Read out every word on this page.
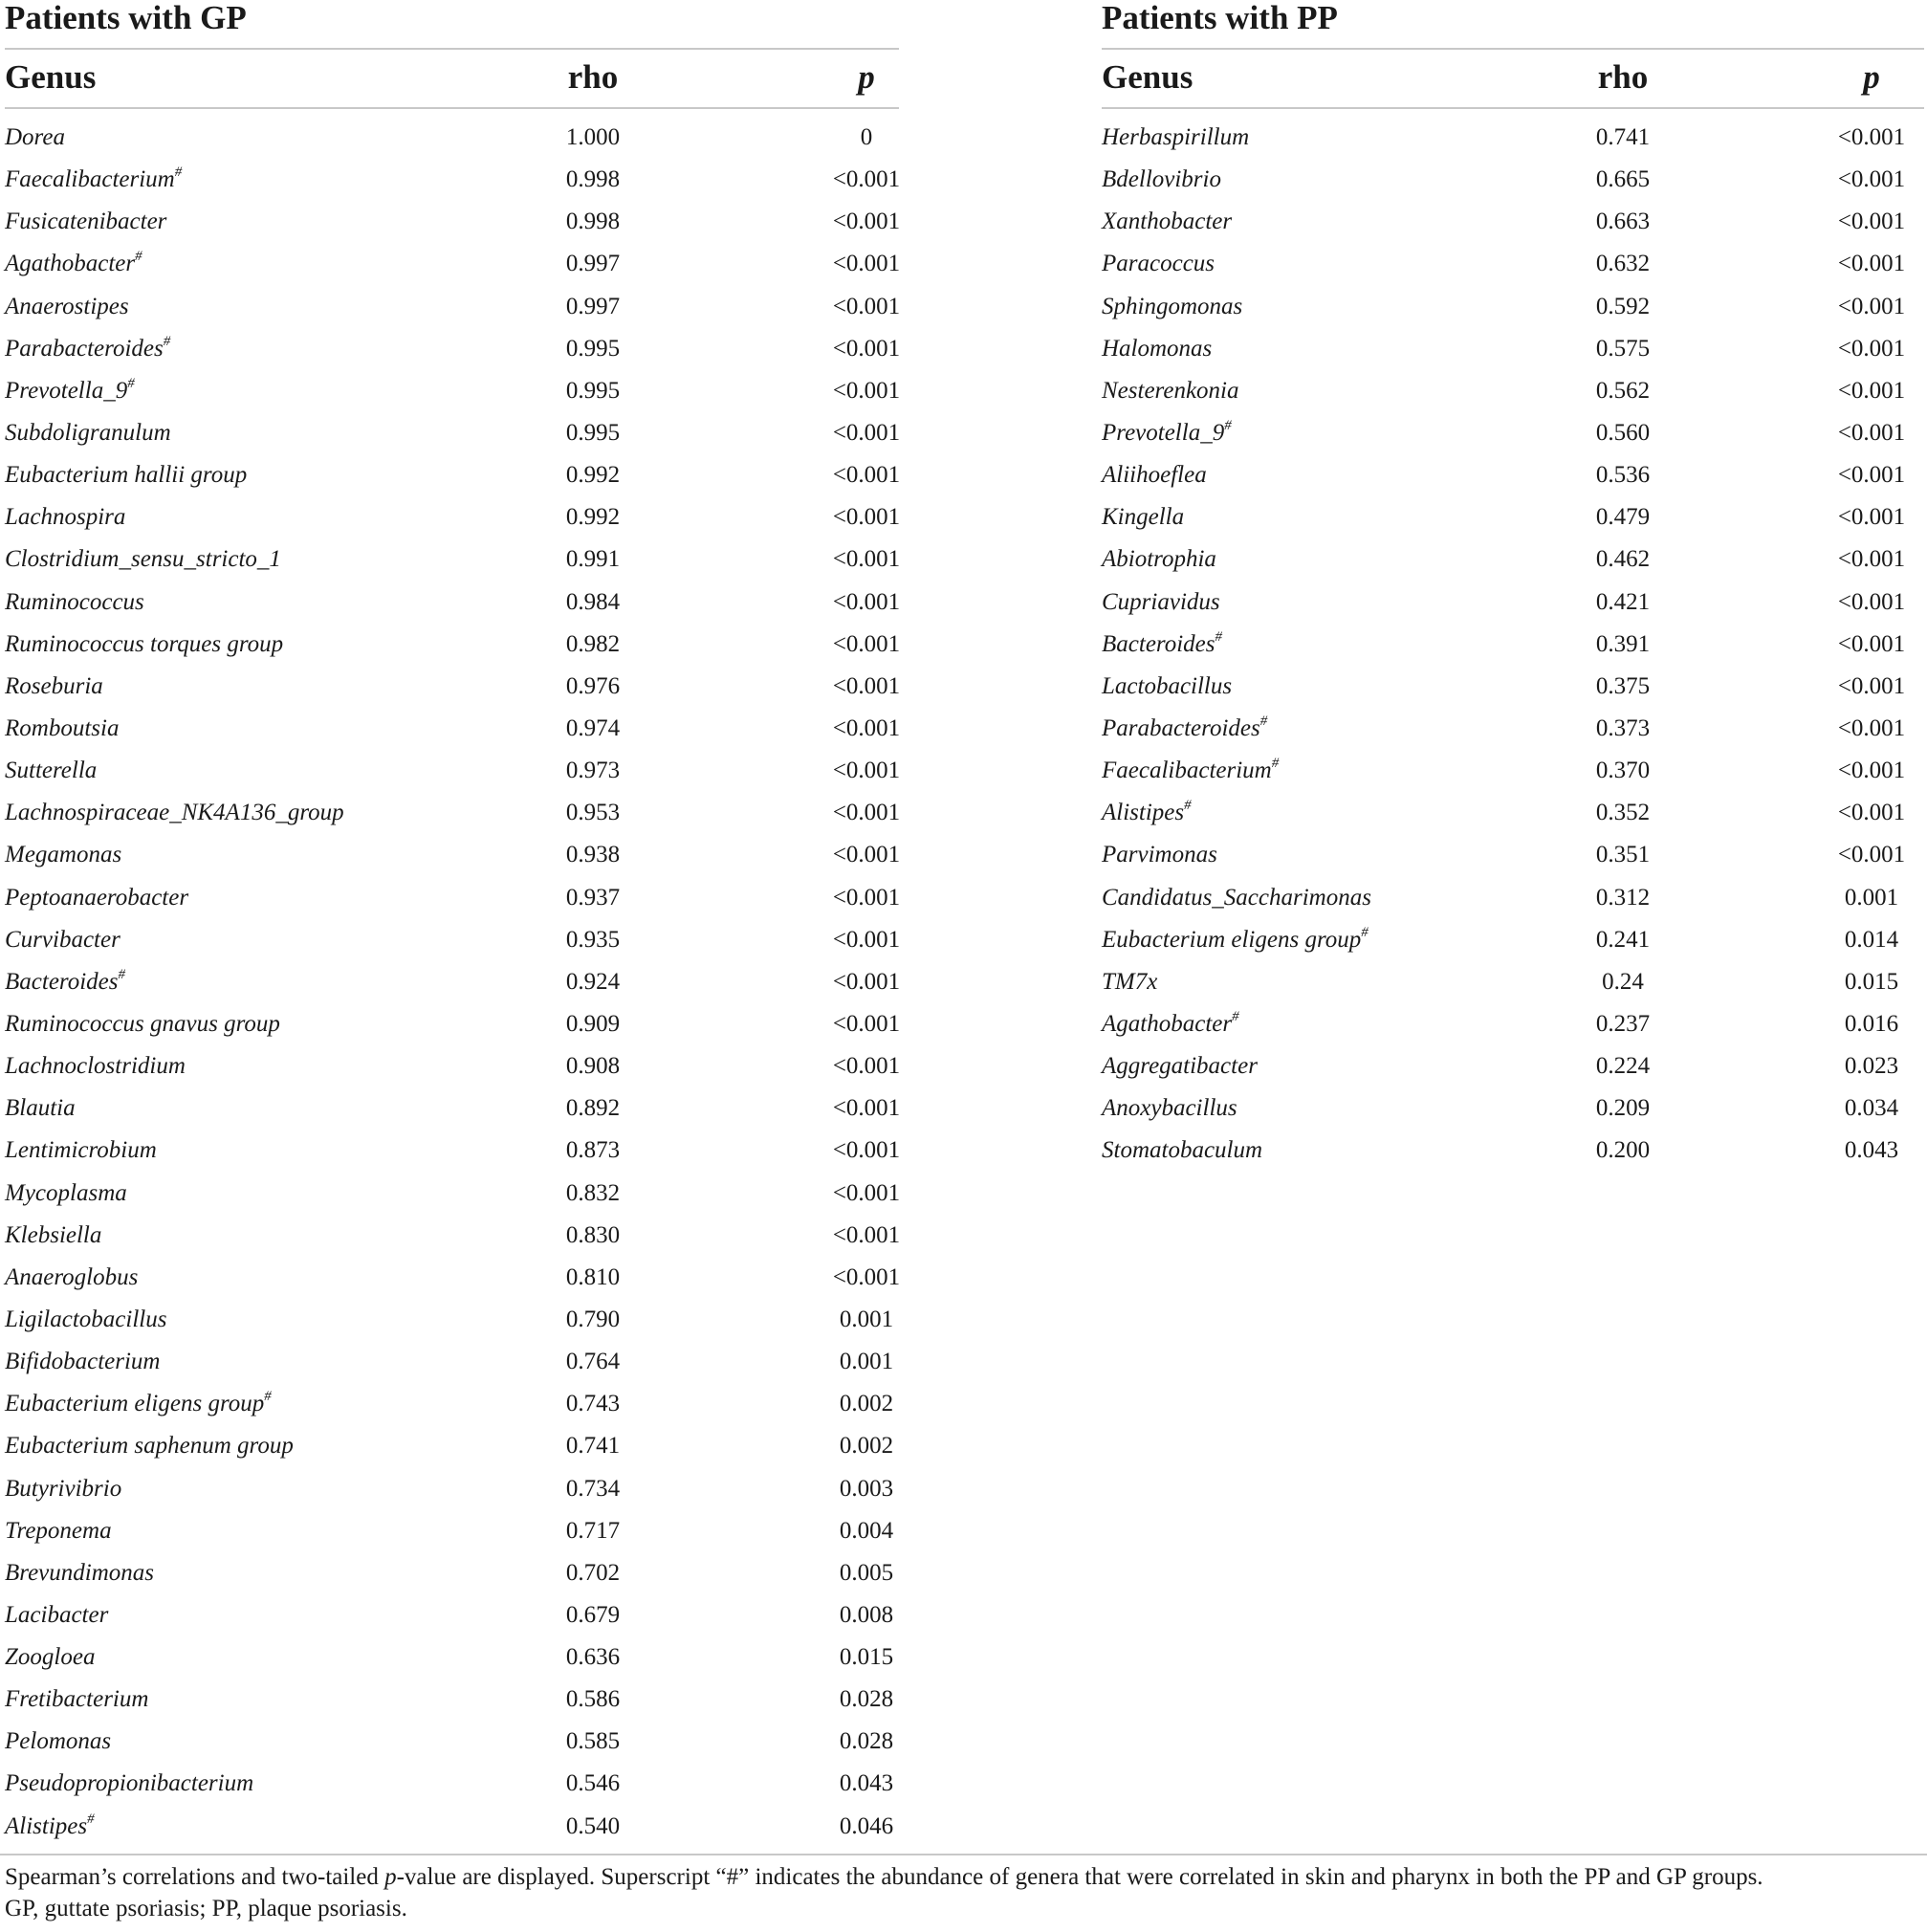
Patients with GP
Genus	rho	p
Dorea	1.000	0
Faecalibacterium#	0.998	<0.001
Fusicatenibacter	0.998	<0.001
Agathobacter#	0.997	<0.001
Anaerostipes	0.997	<0.001
Parabacteroides#	0.995	<0.001
Prevotella_9#	0.995	<0.001
Subdoligranulum	0.995	<0.001
Eubacterium hallii group	0.992	<0.001
Lachnospira	0.992	<0.001
Clostridium_sensu_stricto_1	0.991	<0.001
Ruminococcus	0.984	<0.001
Ruminococcus torques group	0.982	<0.001
Roseburia	0.976	<0.001
Romboutsia	0.974	<0.001
Sutterella	0.973	<0.001
Lachnospiraceae_NK4A136_group	0.953	<0.001
Megamonas	0.938	<0.001
Peptoanaerobacter	0.937	<0.001
Curvibacter	0.935	<0.001
Bacteroides#	0.924	<0.001
Ruminococcus gnavus group	0.909	<0.001
Lachnoclostridium	0.908	<0.001
Blautia	0.892	<0.001
Lentimicrobium	0.873	<0.001
Mycoplasma	0.832	<0.001
Klebsiella	0.830	<0.001
Anaeroglobus	0.810	<0.001
Ligilactobacillus	0.790	0.001
Bifidobacterium	0.764	0.001
Eubacterium eligens group#	0.743	0.002
Eubacterium saphenum group	0.741	0.002
Butyrivibrio	0.734	0.003
Treponema	0.717	0.004
Brevundimonas	0.702	0.005
Lacibacter	0.679	0.008
Zoogloea	0.636	0.015
Fretibacterium	0.586	0.028
Pelomonas	0.585	0.028
Pseudopropionibacterium	0.546	0.043
Alistipes#	0.540	0.046
Patients with PP
Genus	rho	p
Herbaspirillum	0.741	<0.001
Bdellovibrio	0.665	<0.001
Xanthobacter	0.663	<0.001
Paracoccus	0.632	<0.001
Sphingomonas	0.592	<0.001
Halomonas	0.575	<0.001
Nesterenkonia	0.562	<0.001
Prevotella_9#	0.560	<0.001
Aliihoeflea	0.536	<0.001
Kingella	0.479	<0.001
Abiotrophia	0.462	<0.001
Cupriavidus	0.421	<0.001
Bacteroides#	0.391	<0.001
Lactobacillus	0.375	<0.001
Parabacteroides#	0.373	<0.001
Faecalibacterium#	0.370	<0.001
Alistipes#	0.352	<0.001
Parvimonas	0.351	<0.001
Candidatus_Saccharimonas	0.312	0.001
Eubacterium eligens group#	0.241	0.014
TM7x	0.24	0.015
Agathobacter#	0.237	0.016
Aggregatibacter	0.224	0.023
Anoxybacillus	0.209	0.034
Stomatobaculum	0.200	0.043
Spearman’s correlations and two-tailed p-value are displayed. Superscript “#” indicates the abundance of genera that were correlated in skin and pharynx in both the PP and GP groups.
GP, guttate psoriasis; PP, plaque psoriasis.
